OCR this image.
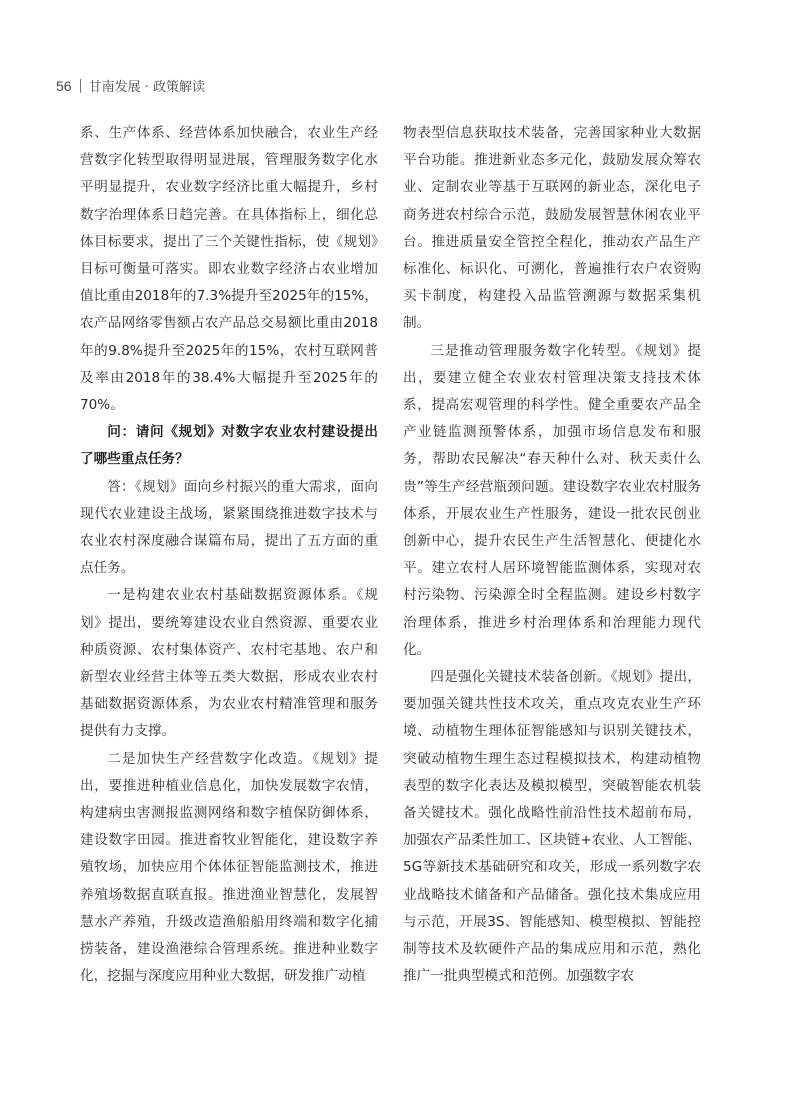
56 甘南发展 · 政策解读

系、生产体系、经营体系加快融合，农业生产经营数字化转型取得明显进展，管理服务数字化水平明显提升，农业数字经济比重大幅提升，乡村数字治理体系日趋完善。在具体指标上，细化总体目标要求，提出了三个关键性指标，使《规划》目标可衡量可落实。即农业数字经济占农业增加值比重由2018年的7.3%提升至2025年的15%，农产品网络零售额占农产品总交易额比重由2018年的9.8%提升至2025年的15%，农村互联网普及率由2018年的38.4%大幅提升至2025年的70%。

问：请问《规划》对数字农业农村建设提出了哪些重点任务？

答：《规划》面向乡村振兴的重大需求，面向现代农业建设主战场，紧紧围绕推进数字技术与农业农村深度融合谋篇布局，提出了五方面的重点任务。

一是构建农业农村基础数据资源体系。《规划》提出，要统筹建设农业自然资源、重要农业种质资源、农村集体资产、农村宅基地、农户和新型农业经营主体等五类大数据，形成农业农村基础数据资源体系，为农业农村精准管理和服务提供有力支撑。

二是加快生产经营数字化改造。《规划》提出，要推进种植业信息化，加快发展数字农情，构建病虫害测报监测网络和数字植保防御体系，建设数字田园。推进畜牧业智能化，建设数字养殖牧场，加快应用个体体征智能监测技术，推进养殖场数据直联直报。推进渔业智慧化，发展智慧水产养殖，升级改造渔船船用终端和数字化捕捞装备，建设渔港综合管理系统。推进种业数字化，挖掘与深度应用种业大数据，研发推广动植

物表型信息获取技术装备，完善国家种业大数据平台功能。推进新业态多元化，鼓励发展众筹农业、定制农业等基于互联网的新业态，深化电子商务进农村综合示范，鼓励发展智慧休闲农业平台。推进质量安全管控全程化，推动农产品生产标准化、标识化、可溯化，普遍推行农户农资购买卡制度，构建投入品监管溯源与数据采集机制。

三是推动管理服务数字化转型。《规划》提出，要建立健全农业农村管理决策支持技术体系，提高宏观管理的科学性。健全重要农产品全产业链监测预警体系，加强市场信息发布和服务，帮助农民解决“春天种什么对、秋天卖什么贵”等生产经营瓶颈问题。建设数字农业农村服务体系，开展农业生产性服务，建设一批农民创业创新中心，提升农民生产生活智慧化、便捷化水平。建立农村人居环境智能监测体系，实现对农村污染物、污染源全时全程监测。建设乡村数字治理体系，推进乡村治理体系和治理能力现代化。

四是强化关键技术装备创新。《规划》提出，要加强关键共性技术攻关，重点攻克农业生产环境、动植物生理体征智能感知与识别关键技术，突破动植物生理生态过程模拟技术，构建动植物表型的数字化表达及模拟模型，突破智能农机装备关键技术。强化战略性前沿性技术超前布局，加强农产品柔性加工、区块链+农业、人工智能、5G等新技术基础研究和攻关，形成一系列数字农业战略技术储备和产品储备。强化技术集成应用与示范，开展3S、智能感知、模型模拟、智能控制等技术及软硬件产品的集成应用和示范，熟化推广一批典型模式和范例。加强数字农
